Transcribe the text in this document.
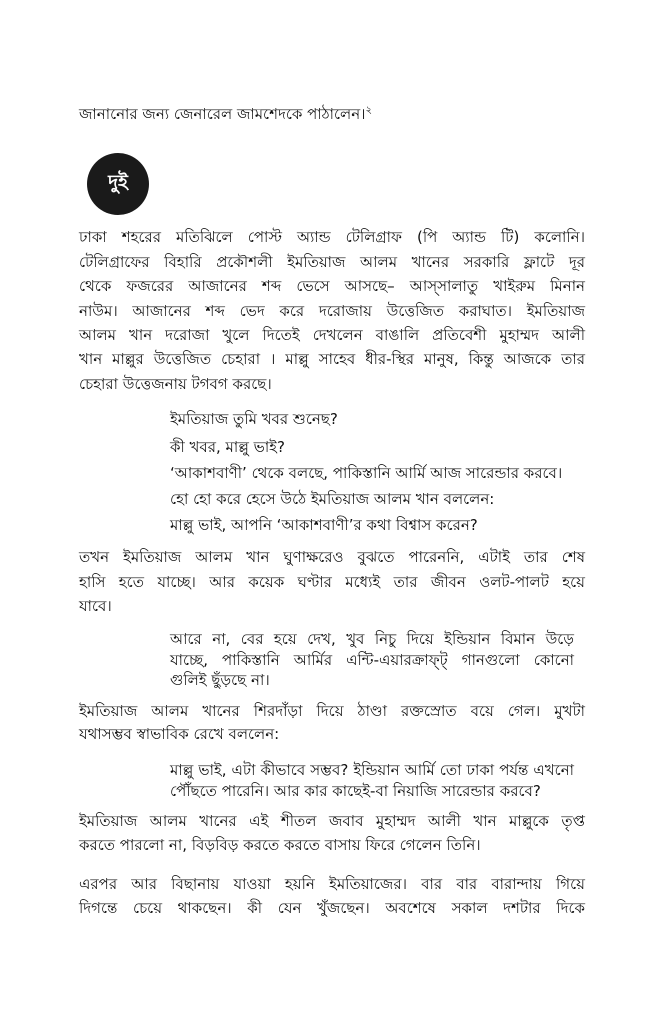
জানানোর জন্য জেনারেল জামশেদকে পাঠালেন।$^২$
দুই
ঢাকা শহরের মতিঝিলে পোস্ট অ্যান্ড টেলিগ্রাফ (পি অ্যান্ড টি) কলোনি।
টেলিগ্রাফের বিহারি প্রকৌশলী ইমতিয়াজ আলম খানের সরকারি ফ্লাটে দূর
থেকে ফজরের আজানের শব্দ ভেসে আসছে– আস্সালাতু খাইরুম মিনান
নাউম। আজানের শব্দ ভেদ করে দরোজায় উত্তেজিত করাঘাত। ইমতিয়াজ
আলম খান দরোজা খুলে দিতেই দেখলেন বাঙালি প্রতিবেশী মুহাম্মদ আলী
খান মাল্লুর উত্তেজিত চেহারা । মাল্লু সাহেব ধীর-স্থির মানুষ, কিন্তু আজকে তার
চেহারা উত্তেজনায় টগবগ করছে।
ইমতিয়াজ তুমি খবর শুনেছ?
কী খবর, মাল্লু ভাই?
‘আকাশবাণী’ থেকে বলছে, পাকিস্তানি আর্মি আজ সারেন্ডার করবে।
হো হো করে হেসে উঠে ইমতিয়াজ আলম খান বললেন:
মাল্লু ভাই, আপনি ‘আকাশবাণী’র কথা বিশ্বাস করেন?
তখন ইমতিয়াজ আলম খান ঘুণাক্ষরেও বুঝতে পারেননি, এটাই তার শেষ
হাসি হতে যাচ্ছে। আর কয়েক ঘণ্টার মধ্যেই তার জীবন ওলট-পালট হয়ে
যাবে।
আরে না, বের হয়ে দেখ, খুব নিচু দিয়ে ইন্ডিয়ান বিমান উড়ে
যাচ্ছে, পাকিস্তানি আর্মির এন্টি-এয়ারক্রাফ্ট্ গানগুলো কোনো
গুলিই ছুঁড়ছে না।
ইমতিয়াজ আলম খানের শিরদাঁড়া দিয়ে ঠাণ্ডা রক্তস্রোত বয়ে গেল। মুখটা
যথাসম্ভব স্বাভাবিক রেখে বললেন:
মাল্লু ভাই, এটা কীভাবে সম্ভব? ইন্ডিয়ান আর্মি তো ঢাকা পর্যন্ত এখনো
পৌঁছতে পারেনি। আর কার কাছেই-বা নিয়াজি সারেন্ডার করবে?
ইমতিয়াজ আলম খানের এই শীতল জবাব মুহাম্মদ আলী খান মাল্লুকে তৃপ্ত
করতে পারলো না, বিড়বিড় করতে করতে বাসায় ফিরে গেলেন তিনি।
এরপর আর বিছানায় যাওয়া হয়নি ইমতিয়াজের। বার বার বারান্দায় গিয়ে
দিগন্তে চেয়ে থাকছেন। কী যেন খুঁজছেন। অবশেষে সকাল দশটার দিকে
